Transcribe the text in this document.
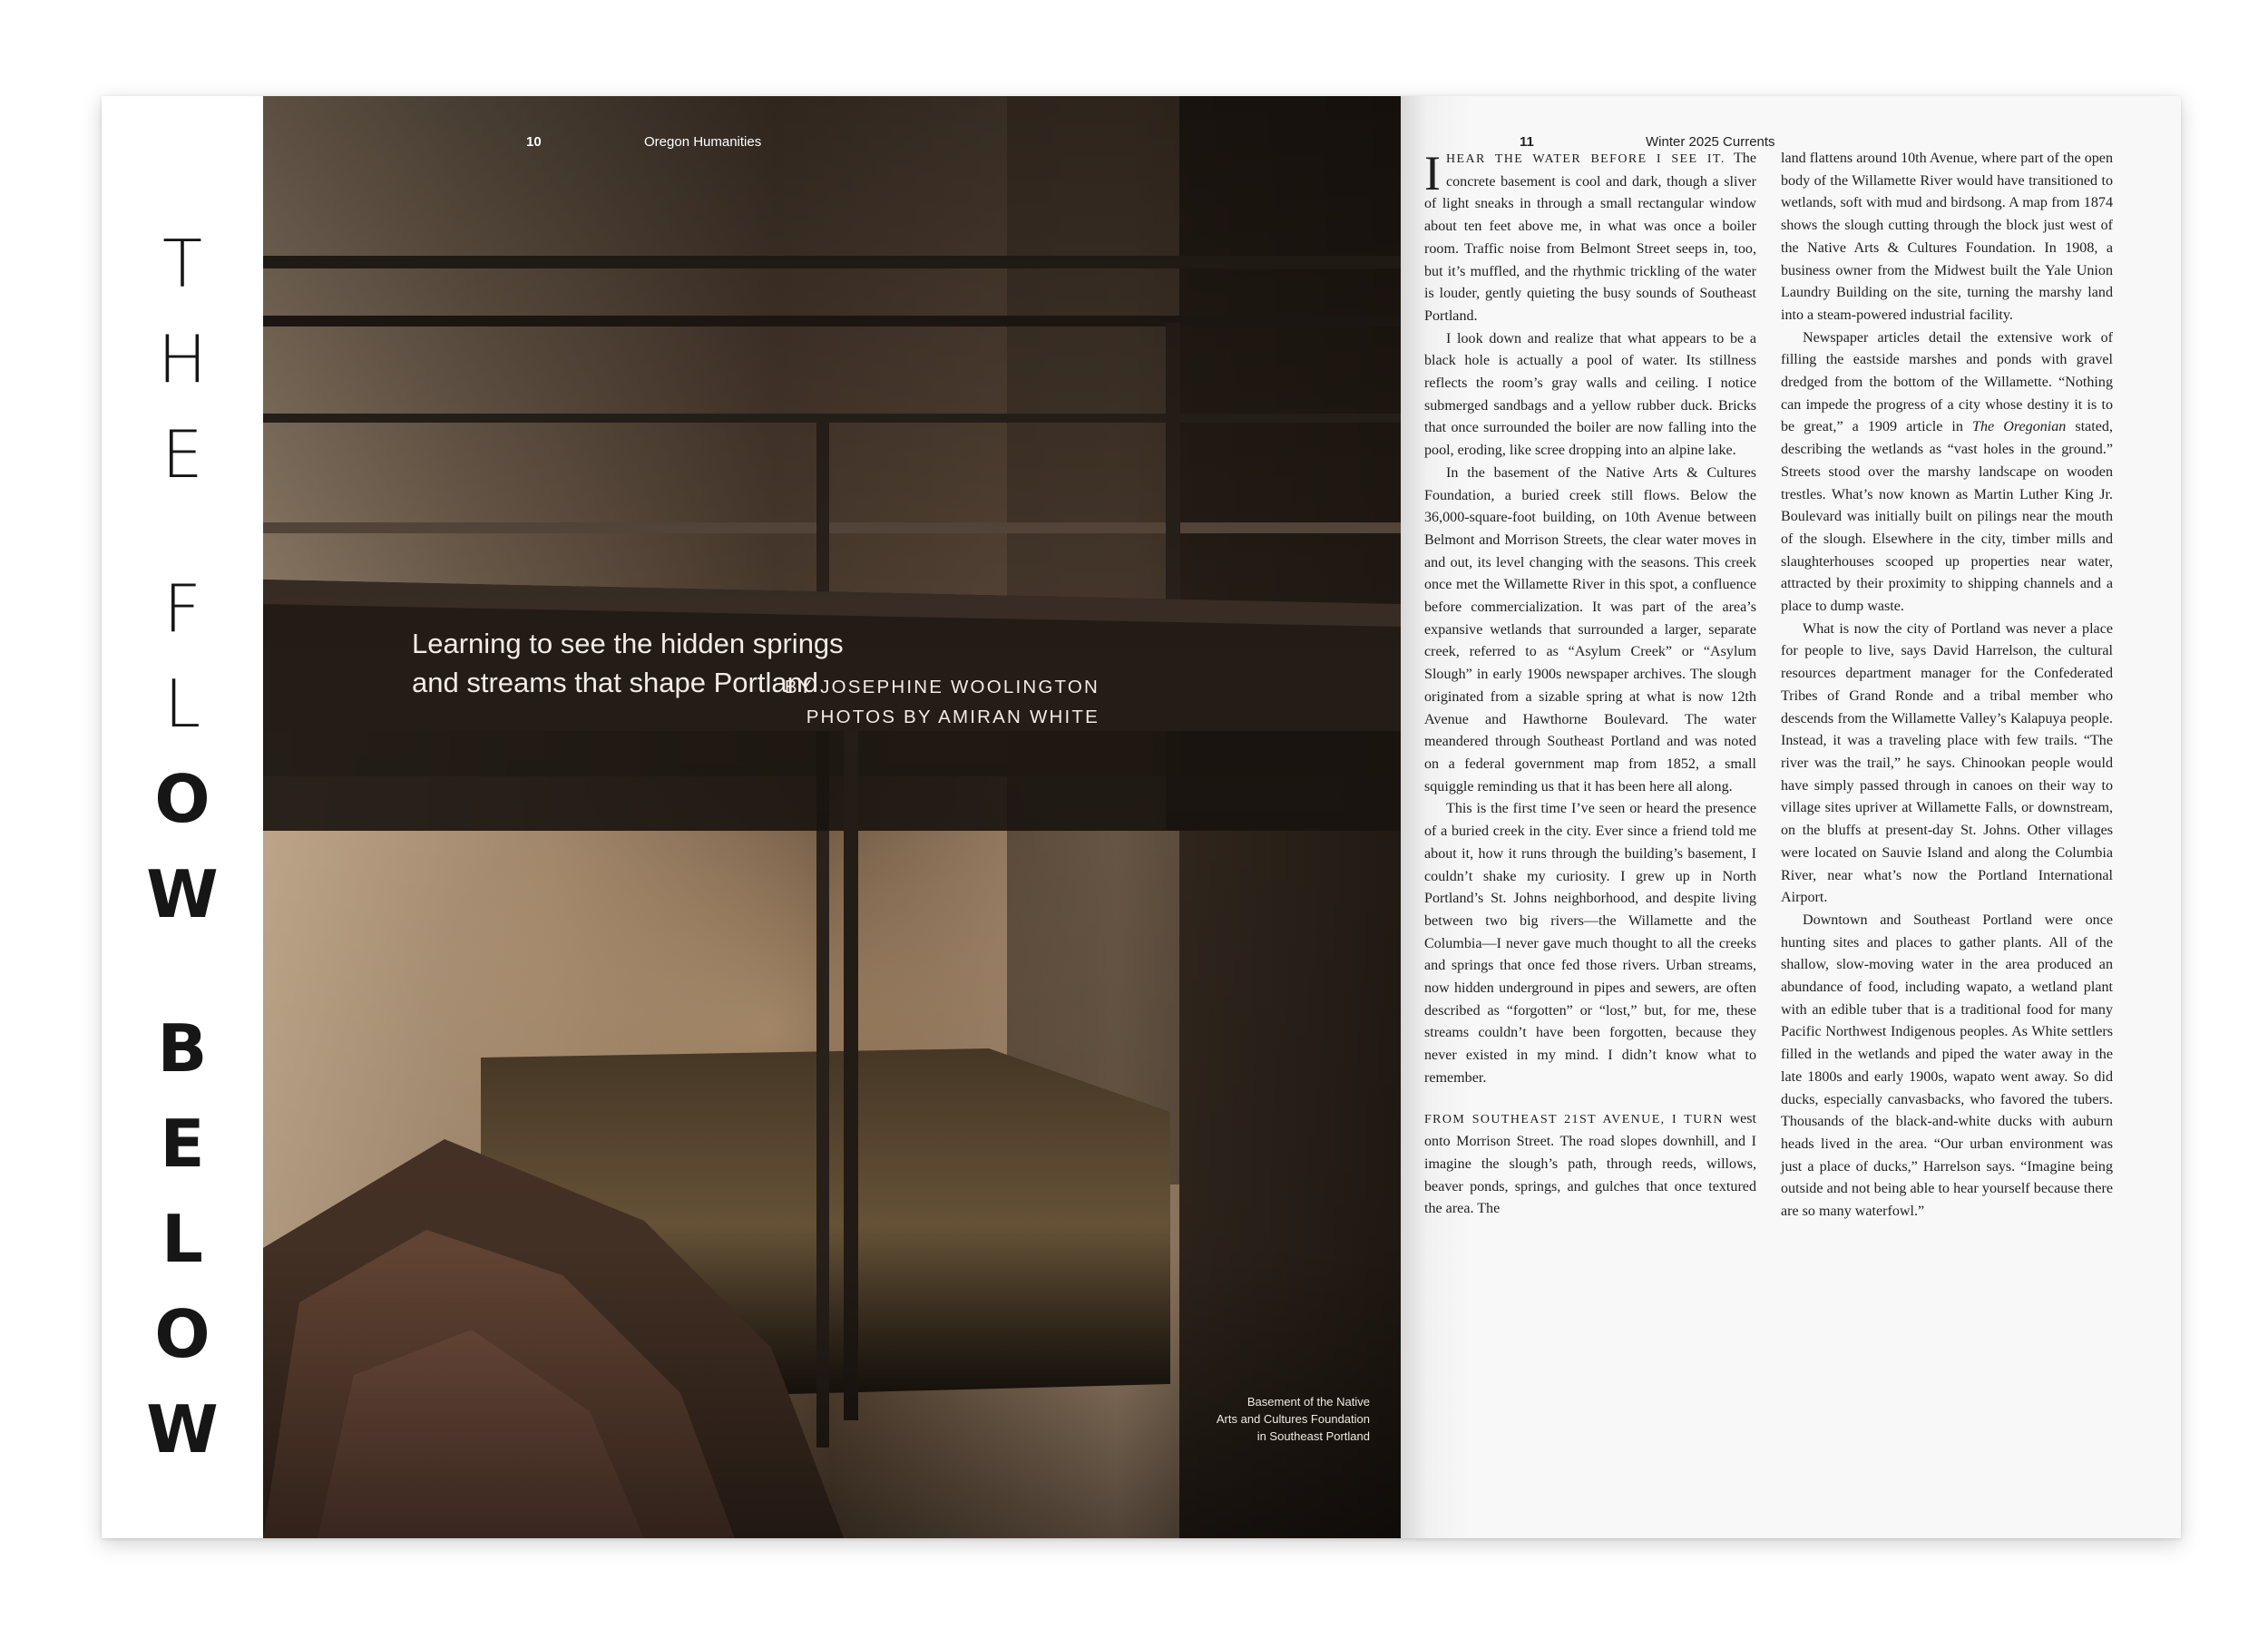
T
H
E
F
L
O
W
B
E
L
O
W
10	Oregon Humanities
Learning to see the hidden springs
and streams that shape Portland
BY JOSEPHINE WOOLINGTON
PHOTOS BY AMIRAN WHITE
Basement of the Native
Arts and Cultures Foundation
in Southeast Portland
11	Winter 2025 Currents

IHEAR THE WATER BEFORE I SEE IT. The concrete basement is cool and dark, though a sliver of light sneaks in through a small rectangular window about ten feet above me, in what was once a boiler room. Traffic noise from Belmont Street seeps in, too, but it’s muffled, and the rhythmic trickling of the water is louder, gently quieting the busy sounds of Southeast Portland.

I look down and realize that what appears to be a black hole is actually a pool of water. Its stillness reflects the room’s gray walls and ceiling. I notice submerged sandbags and a yellow rubber duck. Bricks that once surrounded the boiler are now falling into the pool, eroding, like scree dropping into an alpine lake.

In the basement of the Native Arts & Cultures Foundation, a buried creek still flows. Below the 36,000-square-foot building, on 10th Avenue between Belmont and Morrison Streets, the clear water moves in and out, its level changing with the seasons. This creek once met the Willamette River in this spot, a confluence before commercialization. It was part of the area’s expansive wetlands that surrounded a larger, separate creek, referred to as “Asylum Creek” or “Asylum Slough” in early 1900s newspaper archives. The slough originated from a sizable spring at what is now 12th Avenue and Hawthorne Boulevard. The water meandered through Southeast Portland and was noted on a federal government map from 1852, a small squiggle reminding us that it has been here all along.

This is the first time I’ve seen or heard the presence of a buried creek in the city. Ever since a friend told me about it, how it runs through the building’s basement, I couldn’t shake my curiosity. I grew up in North Portland’s St. Johns neighborhood, and despite living between two big rivers—the Willamette and the Columbia—I never gave much thought to all the creeks and springs that once fed those rivers. Urban streams, now hidden underground in pipes and sewers, are often described as “forgotten” or “lost,” but, for me, these streams couldn’t have been forgotten, because they never existed in my mind. I didn’t know what to remember.

FROM SOUTHEAST 21ST AVENUE, I TURN west onto Morrison Street. The road slopes downhill, and I imagine the slough’s path, through reeds, willows, beaver ponds, springs, and gulches that once textured the area. The

land flattens around 10th Avenue, where part of the open body of the Willamette River would have transitioned to wetlands, soft with mud and birdsong. A map from 1874 shows the slough cutting through the block just west of the Native Arts & Cultures Foundation. In 1908, a business owner from the Midwest built the Yale Union Laundry Building on the site, turning the marshy land into a steam-powered industrial facility.

Newspaper articles detail the extensive work of filling the eastside marshes and ponds with gravel dredged from the bottom of the Willamette. “Nothing can impede the progress of a city whose destiny it is to be great,” a 1909 article in The Oregonian stated, describing the wetlands as “vast holes in the ground.” Streets stood over the marshy landscape on wooden trestles. What’s now known as Martin Luther King Jr. Boulevard was initially built on pilings near the mouth of the slough. Elsewhere in the city, timber mills and slaughterhouses scooped up properties near water, attracted by their proximity to shipping channels and a place to dump waste.

What is now the city of Portland was never a place for people to live, says David Harrelson, the cultural resources department manager for the Confederated Tribes of Grand Ronde and a tribal member who descends from the Willamette Valley’s Kalapuya people. Instead, it was a traveling place with few trails. “The river was the trail,” he says. Chinookan people would have simply passed through in canoes on their way to village sites upriver at Willamette Falls, or downstream, on the bluffs at present-day St. Johns. Other villages were located on Sauvie Island and along the Columbia River, near what’s now the Portland International Airport.

Downtown and Southeast Portland were once hunting sites and places to gather plants. All of the shallow, slow-moving water in the area produced an abundance of food, including wapato, a wetland plant with an edible tuber that is a traditional food for many Pacific Northwest Indigenous peoples. As White settlers filled in the wetlands and piped the water away in the late 1800s and early 1900s, wapato went away. So did ducks, especially canvasbacks, who favored the tubers. Thousands of the black-and-white ducks with auburn heads lived in the area. “Our urban environment was just a place of ducks,” Harrelson says. “Imagine being outside and not being able to hear yourself because there are so many waterfowl.”
